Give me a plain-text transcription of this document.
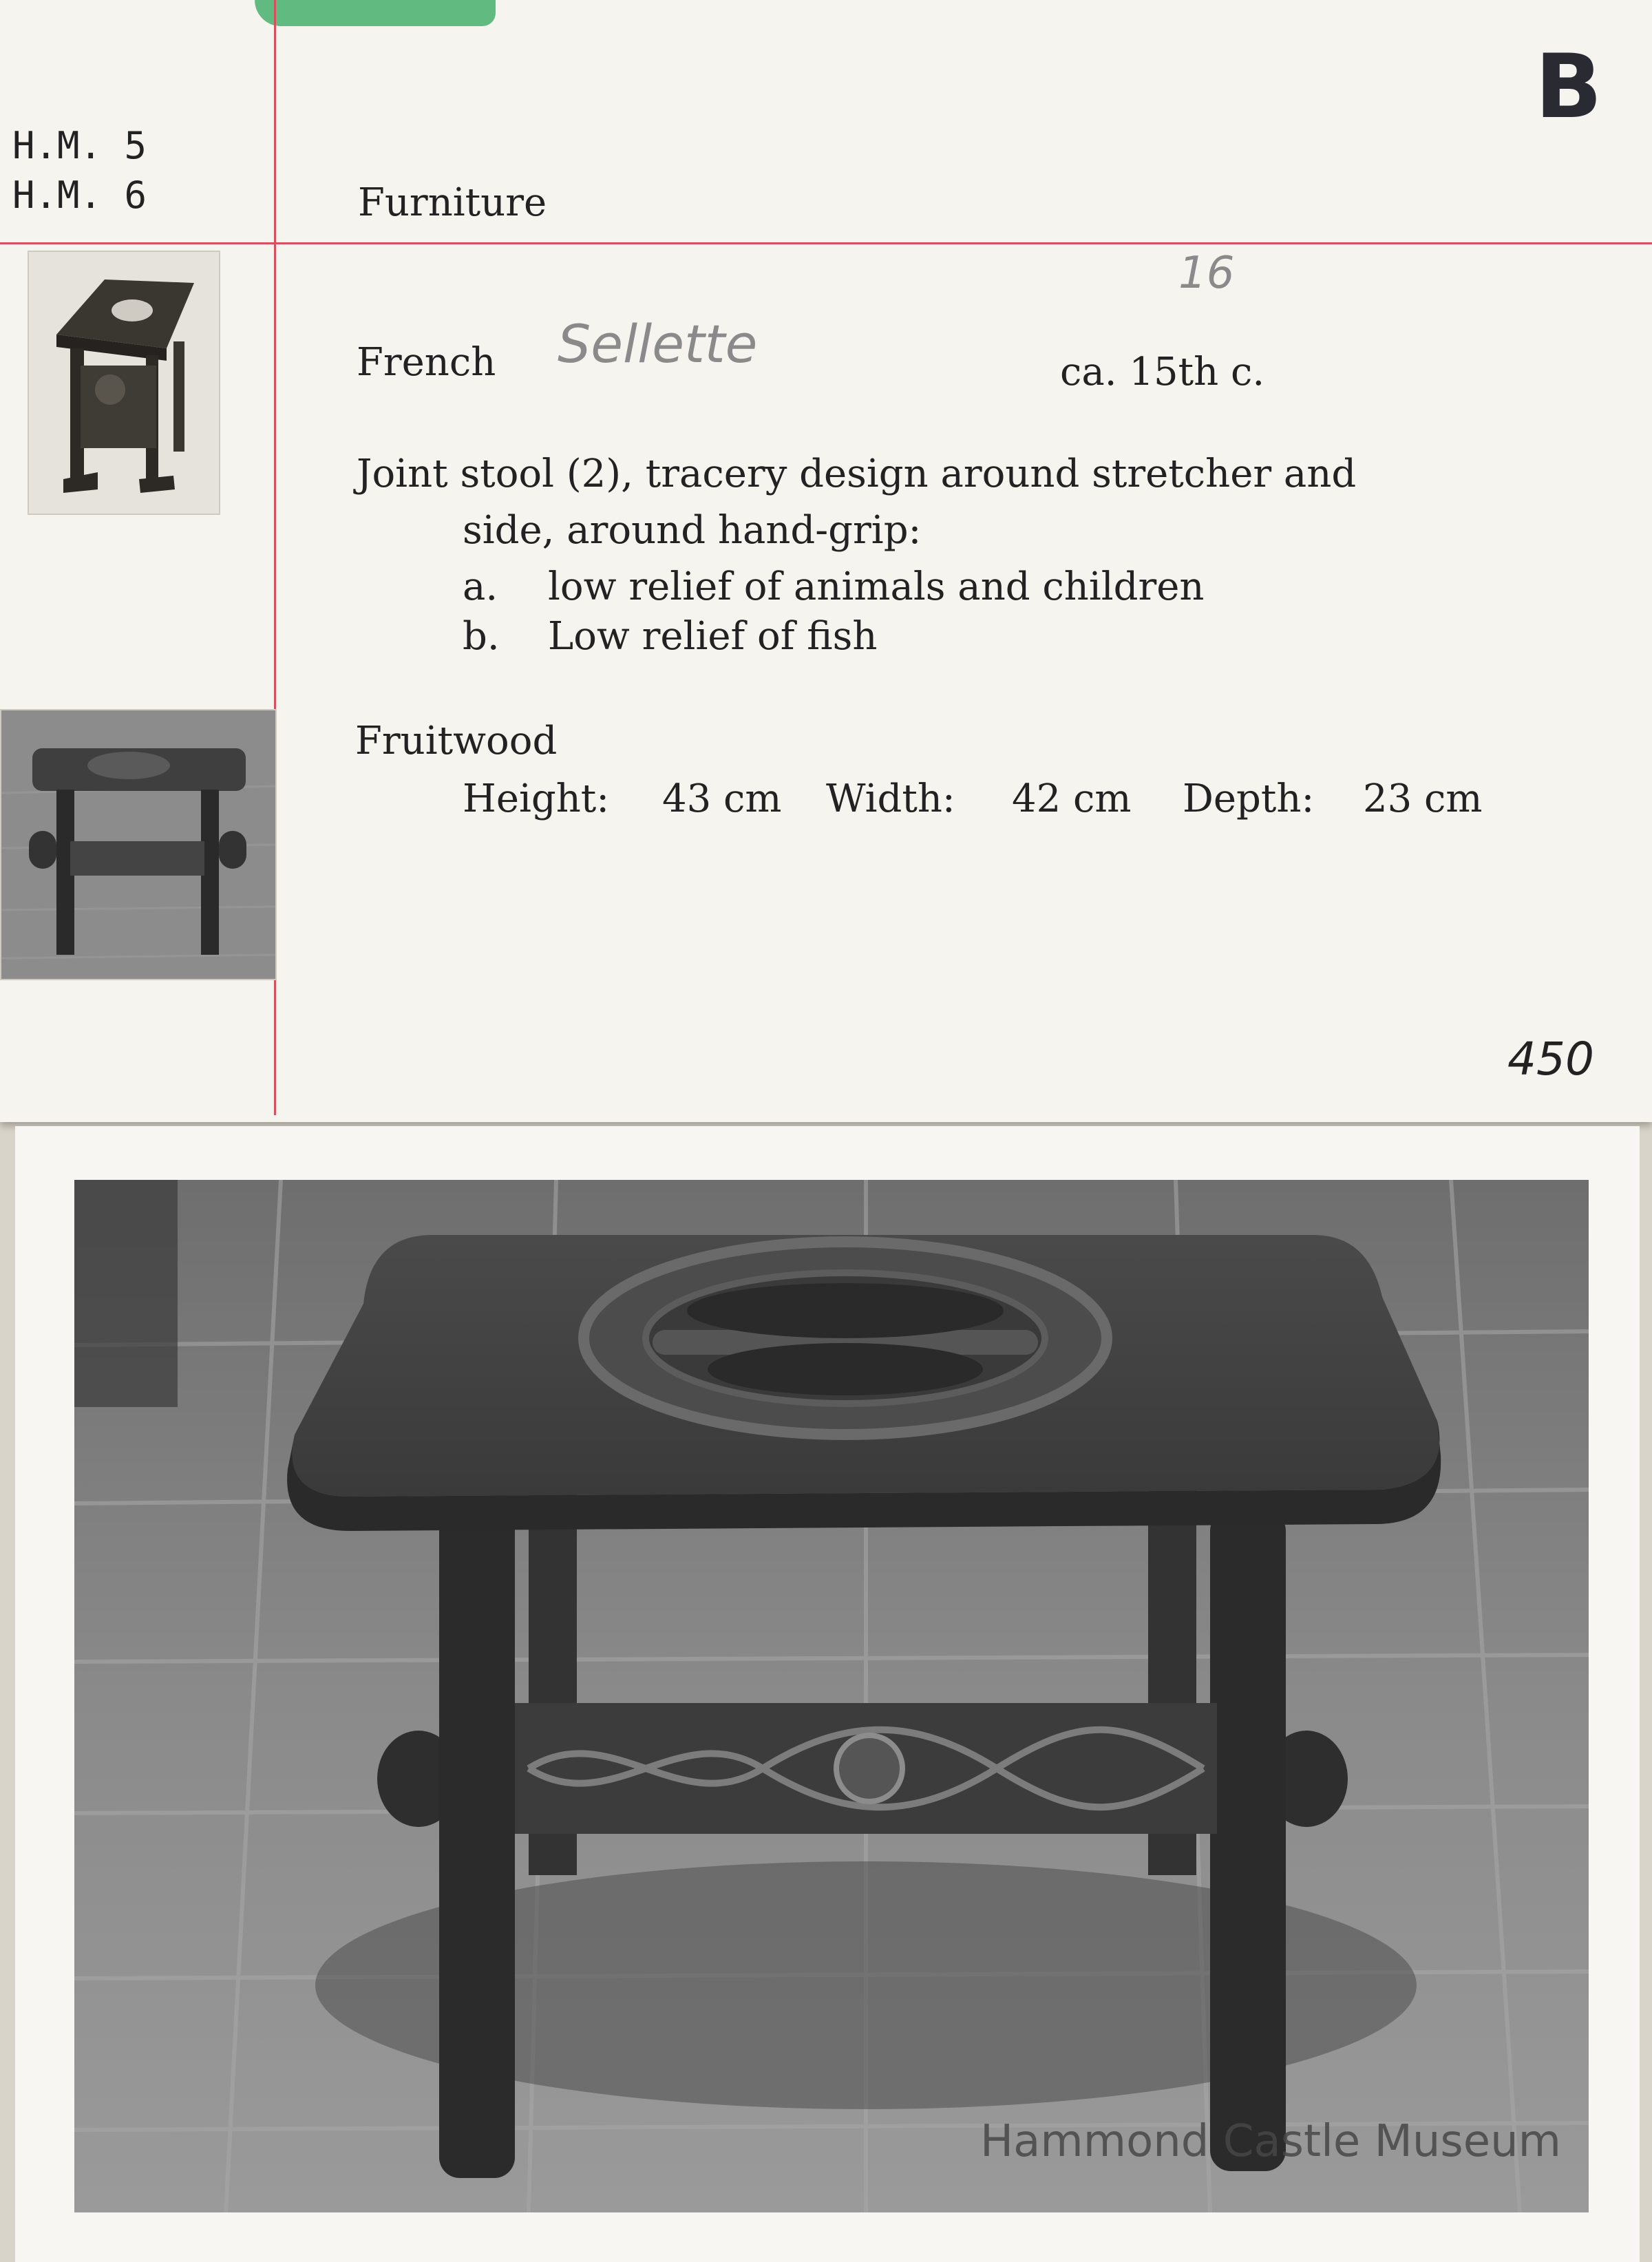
B
H.M. 5
H.M. 6	Furniture
French Sellette
16
ca. 15th c.
Joint stool (2), tracery design around stretcher and
side, around hand-grip:
a. low relief of animals and children
b. Low relief of fish
Fruitwood
Height: 43 cm Width: 42 cm Depth: 23 cm
450
Hammond Castle Museum
